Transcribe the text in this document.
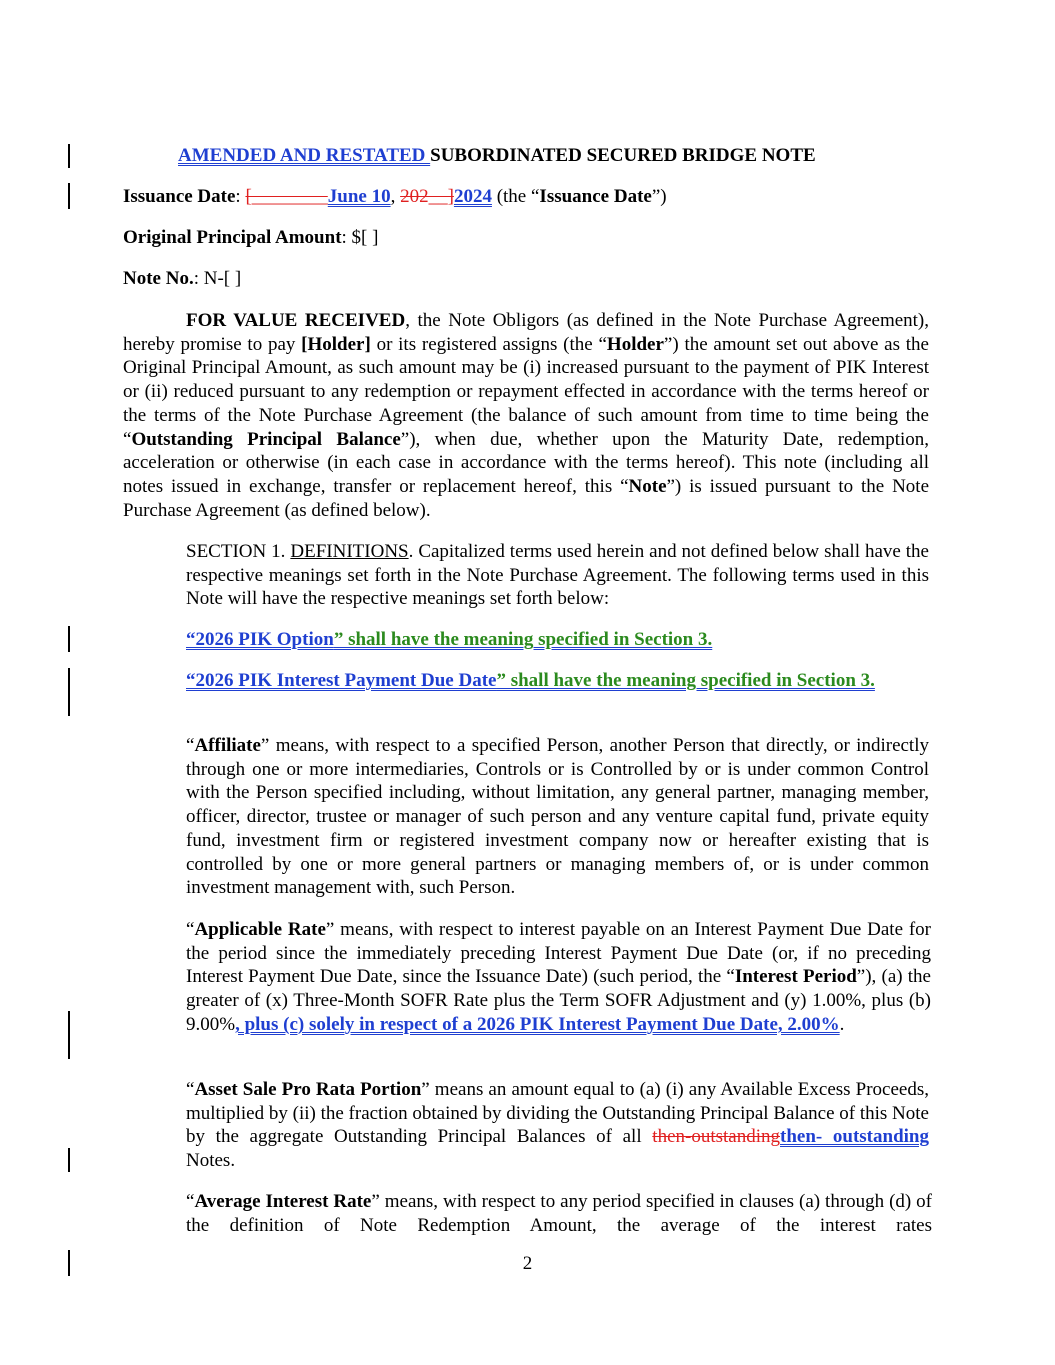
AMENDED AND RESTATED SUBORDINATED SECURED BRIDGE NOTE
Issuance Date: [________June 10, 202__]2024 (the “Issuance Date”)
Original Principal Amount: $[ ]
Note No.: N-[ ]
FOR VALUE RECEIVED, the Note Obligors (as defined in the Note Purchase Agreement), hereby promise to pay [Holder] or its registered assigns (the “Holder”) the amount set out above as the Original Principal Amount, as such amount may be (i) increased pursuant to the payment of PIK Interest or (ii) reduced pursuant to any redemption or repayment effected in accordance with the terms hereof or the terms of the Note Purchase Agreement (the balance of such amount from time to time being the “Outstanding Principal Balance”), when due, whether upon the Maturity Date, redemption, acceleration or otherwise (in each case in accordance with the terms hereof). This note (including all notes issued in exchange, transfer or replacement hereof, this “Note”) is issued pursuant to the Note Purchase Agreement (as defined below).
SECTION 1. DEFINITIONS. Capitalized terms used herein and not defined below shall have the respective meanings set forth in the Note Purchase Agreement. The following terms used in this Note will have the respective meanings set forth below:
“2026 PIK Option” shall have the meaning specified in Section 3.
“2026 PIK Interest Payment Due Date” shall have the meaning specified in Section 3.
“Affiliate” means, with respect to a specified Person, another Person that directly, or indirectly through one or more intermediaries, Controls or is Controlled by or is under common Control with the Person specified including, without limitation, any general partner, managing member, officer, director, trustee or manager of such person and any venture capital fund, private equity fund, investment firm or registered investment company now or hereafter existing that is controlled by one or more general partners or managing members of, or is under common investment management with, such Person.
“Applicable Rate” means, with respect to interest payable on an Interest Payment Due Date for the period since the immediately preceding Interest Payment Due Date (or, if no preceding Interest Payment Due Date, since the Issuance Date) (such period, the “Interest Period”), (a) the greater of (x) Three-Month SOFR Rate plus the Term SOFR Adjustment and (y) 1.00%, plus (b) 9.00%, plus (c) solely in respect of a 2026 PIK Interest Payment Due Date, 2.00%.
“Asset Sale Pro Rata Portion” means an amount equal to (a) (i) any Available Excess Proceeds, multiplied by (ii) the fraction obtained by dividing the Outstanding Principal Balance of this Note by the aggregate Outstanding Principal Balances of all then-outstandingthen- outstanding Notes.
“Average Interest Rate” means, with respect to any period specified in clauses (a) through (d) of the definition of Note Redemption Amount, the average of the interest rates
2
